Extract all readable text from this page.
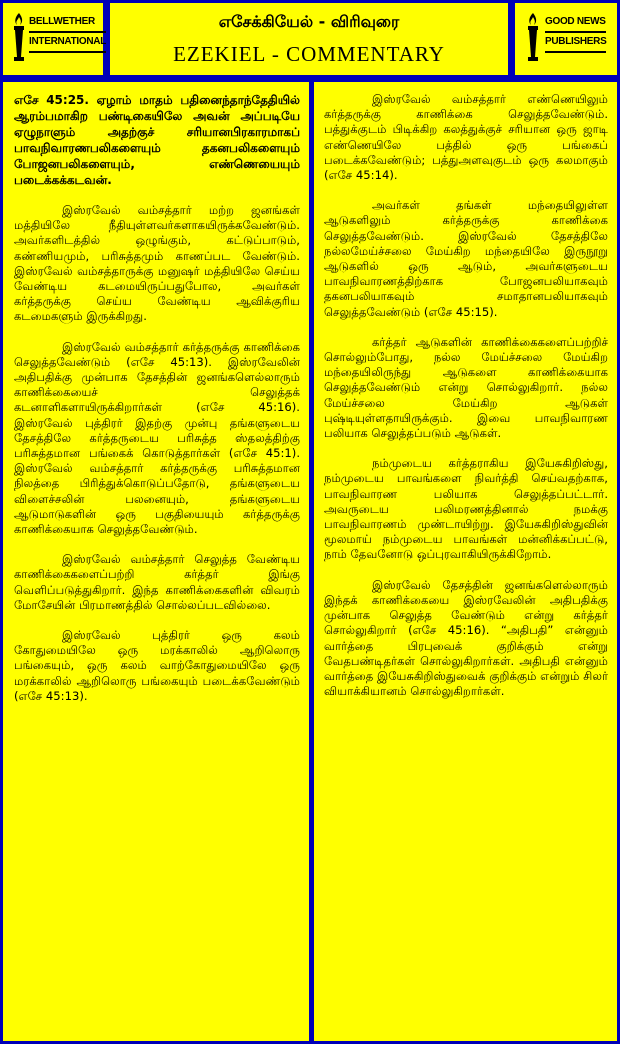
BELLWETHER
INTERNATIONAL
எசேக்கியேல் - விரிவுரை
EZEKIEL - COMMENTARY
GOOD NEWS
PUBLISHERS

எசே 45:25. ஏழாம் மாதம் பதினைந்தாந்தேதியில் ஆரம்பமாகிற பண்டிகையிலே அவன் அப்படியே ஏழுநாளும் அதற்குச் சரியானபிரகாரமாகப் பாவநிவாரணபலிகளையும் தகனபலிகளையும் போஜனபலிகளையும், எண்ணெயையும் படைக்கக்கடவன்.

இஸ்ரவேல் வம்சத்தார் மற்ற ஜனங்கள் மத்தியிலே நீதியுள்ளவர்களாகயிருக்கவேண்டும். அவர்களிடத்தில் ஒழுங்கும், கட்டுப்பாடும், கண்ணியமும், பரிசுத்தமும் காணப்பட வேண்டும். இஸ்ரவேல் வம்சத்தாருக்கு மனுஷர் மத்தியிலே செய்ய வேண்டிய கடமையிருப்பதுபோல, அவர்கள் கர்த்தருக்கு செய்ய வேண்டிய ஆவிக்குரிய கடமைகளும் இருக்கிறது.

இஸ்ரவேல் வம்சத்தார் கர்த்தருக்கு காணிக்கை செலுத்தவேண்டும் (எசே 45:13). இஸ்ரவேலின் அதிபதிக்கு முன்பாக தேசத்தின் ஜனங்களெல்லாரும் காணிக்கையைச் செலுத்தக் கடனாளிகளாயிருக்கிறார்கள் (எசே 45:16). இஸ்ரவேல் புத்திரர் இதற்கு முன்பு தங்களுடைய தேசத்திலே கர்த்தருடைய பரிசுத்த ஸ்தலத்திற்கு பரிசுத்தமான பங்கைக் கொடுத்தார்கள் (எசே 45:1). இஸ்ரவேல் வம்சத்தார் கர்த்தருக்கு பரிசுத்தமான நிலத்தை பிரித்துக்கொடுப்பதோடு, தங்களுடைய விளைச்சலின் பலனையும், தங்களுடைய ஆடுமாடுகளின் ஒரு பகுதியையும் கர்த்தருக்கு காணிக்கையாக செலுத்தவேண்டும்.

இஸ்ரவேல் வம்சத்தார் செலுத்த வேண்டிய காணிக்கைகளைப்பற்றி கர்த்தர் இங்கு வெளிப்படுத்துகிறார். இந்த காணிக்கைகளின் விவரம் மோசேயின் பிரமாணத்தில் சொல்லப்படவில்லை.

இஸ்ரவேல் புத்திரர் ஒரு கலம் கோதுமையிலே ஒரு மரக்காலில் ஆறிலொரு பங்கையும், ஒரு கலம் வாற்கோதுமையிலே ஒரு மரக்காலில் ஆறிலொரு பங்கையும் படைக்கவேண்டும் (எசே 45:13).

இஸ்ரவேல் வம்சத்தார் எண்ணெயிலும் கர்த்தருக்கு காணிக்கை செலுத்தவேண்டும். பத்துக்குடம் பிடிக்கிற கலத்துக்குச் சரியான ஒரு ஜாடி எண்ணெயிலே பத்தில் ஒரு பங்கைப் படைக்கவேண்டும்; பத்துஅளவுகுடம் ஒரு கலமாகும் (எசே 45:14).

அவர்கள் தங்கள் மந்தையிலுள்ள ஆடுகளிலும் கர்த்தருக்கு காணிக்கை செலுத்தவேண்டும். இஸ்ரவேல் தேசத்திலே நல்லமேய்ச்சலை மேய்கிற மந்தையிலே இருநூறு ஆடுகளில் ஒரு ஆடும், அவர்களுடைய பாவநிவாரணத்திற்காக போஜனபலியாகவும் தகனபலியாகவும் சமாதானபலியாகவும் செலுத்தவேண்டும் (எசே 45:15).

கர்த்தர் ஆடுகளின் காணிக்கைகளைப்பற்றிச் சொல்லும்போது, நல்ல மேய்ச்சலை மேய்கிற மந்தையிலிருந்து ஆடுகளை காணிக்கையாக செலுத்தவேண்டும் என்று சொல்லுகிறார். நல்ல மேய்ச்சலை மேய்கிற ஆடுகள் புஷ்டியுள்ளதாயிருக்கும். இவை பாவநிவாரண பலியாக செலுத்தப்படும் ஆடுகள்.

நம்முடைய கர்த்தராகிய இயேசுகிறிஸ்து, நம்முடைய பாவங்களை நிவர்த்தி செய்வதற்காக, பாவநிவாரண பலியாக செலுத்தப்பட்டார். அவருடைய பலிமரணத்தினால் நமக்கு பாவநிவாரணம் முண்டாயிற்று. இயேசுகிறிஸ்துவின் மூலமாய் நம்முடைய பாவங்கள் மன்னிக்கப்பட்டு, நாம் தேவனோடு ஒப்புரவாகியிருக்கிறோம்.

இஸ்ரவேல் தேசத்தின் ஜனங்களெல்லாரும் இந்தக் காணிக்கையை இஸ்ரவேலின் அதிபதிக்கு முன்பாக செலுத்த வேண்டும் என்று கர்த்தர் சொல்லுகிறார் (எசே 45:16). “அதிபதி” என்னும் வார்த்தை பிரபுவைக் குறிக்கும் என்று வேதபண்டிதர்கள் சொல்லுகிறார்கள். அதிபதி என்னும் வார்த்தை இயேசுகிறிஸ்துவைக் குறிக்கும் என்றும் சிலர் வியாக்கியானம் சொல்லுகிறார்கள்.
